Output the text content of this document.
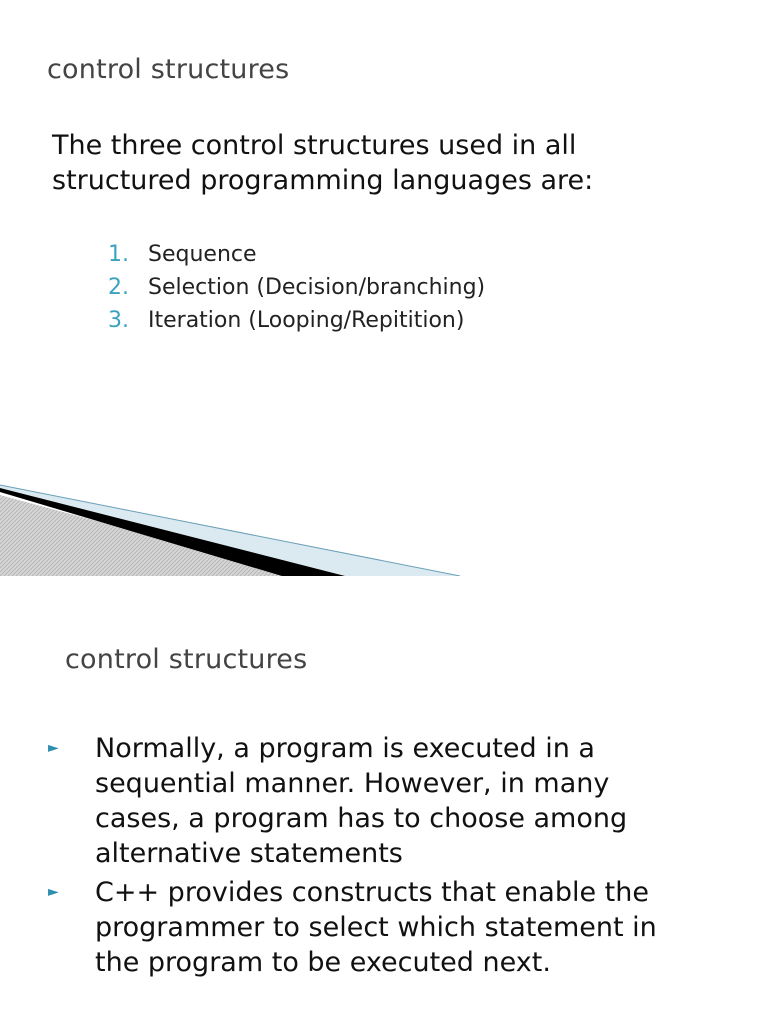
control structures

The three control structures used in all structured programming languages are:

1. Sequence
2. Selection (Decision/branching)
3. Iteration (Looping/Repitition)
control structures
► Normally, a program is executed in a sequential manner. However, in many cases, a program has to choose among alternative statements
► C++ provides constructs that enable the programmer to select which statement in the program to be executed next.
